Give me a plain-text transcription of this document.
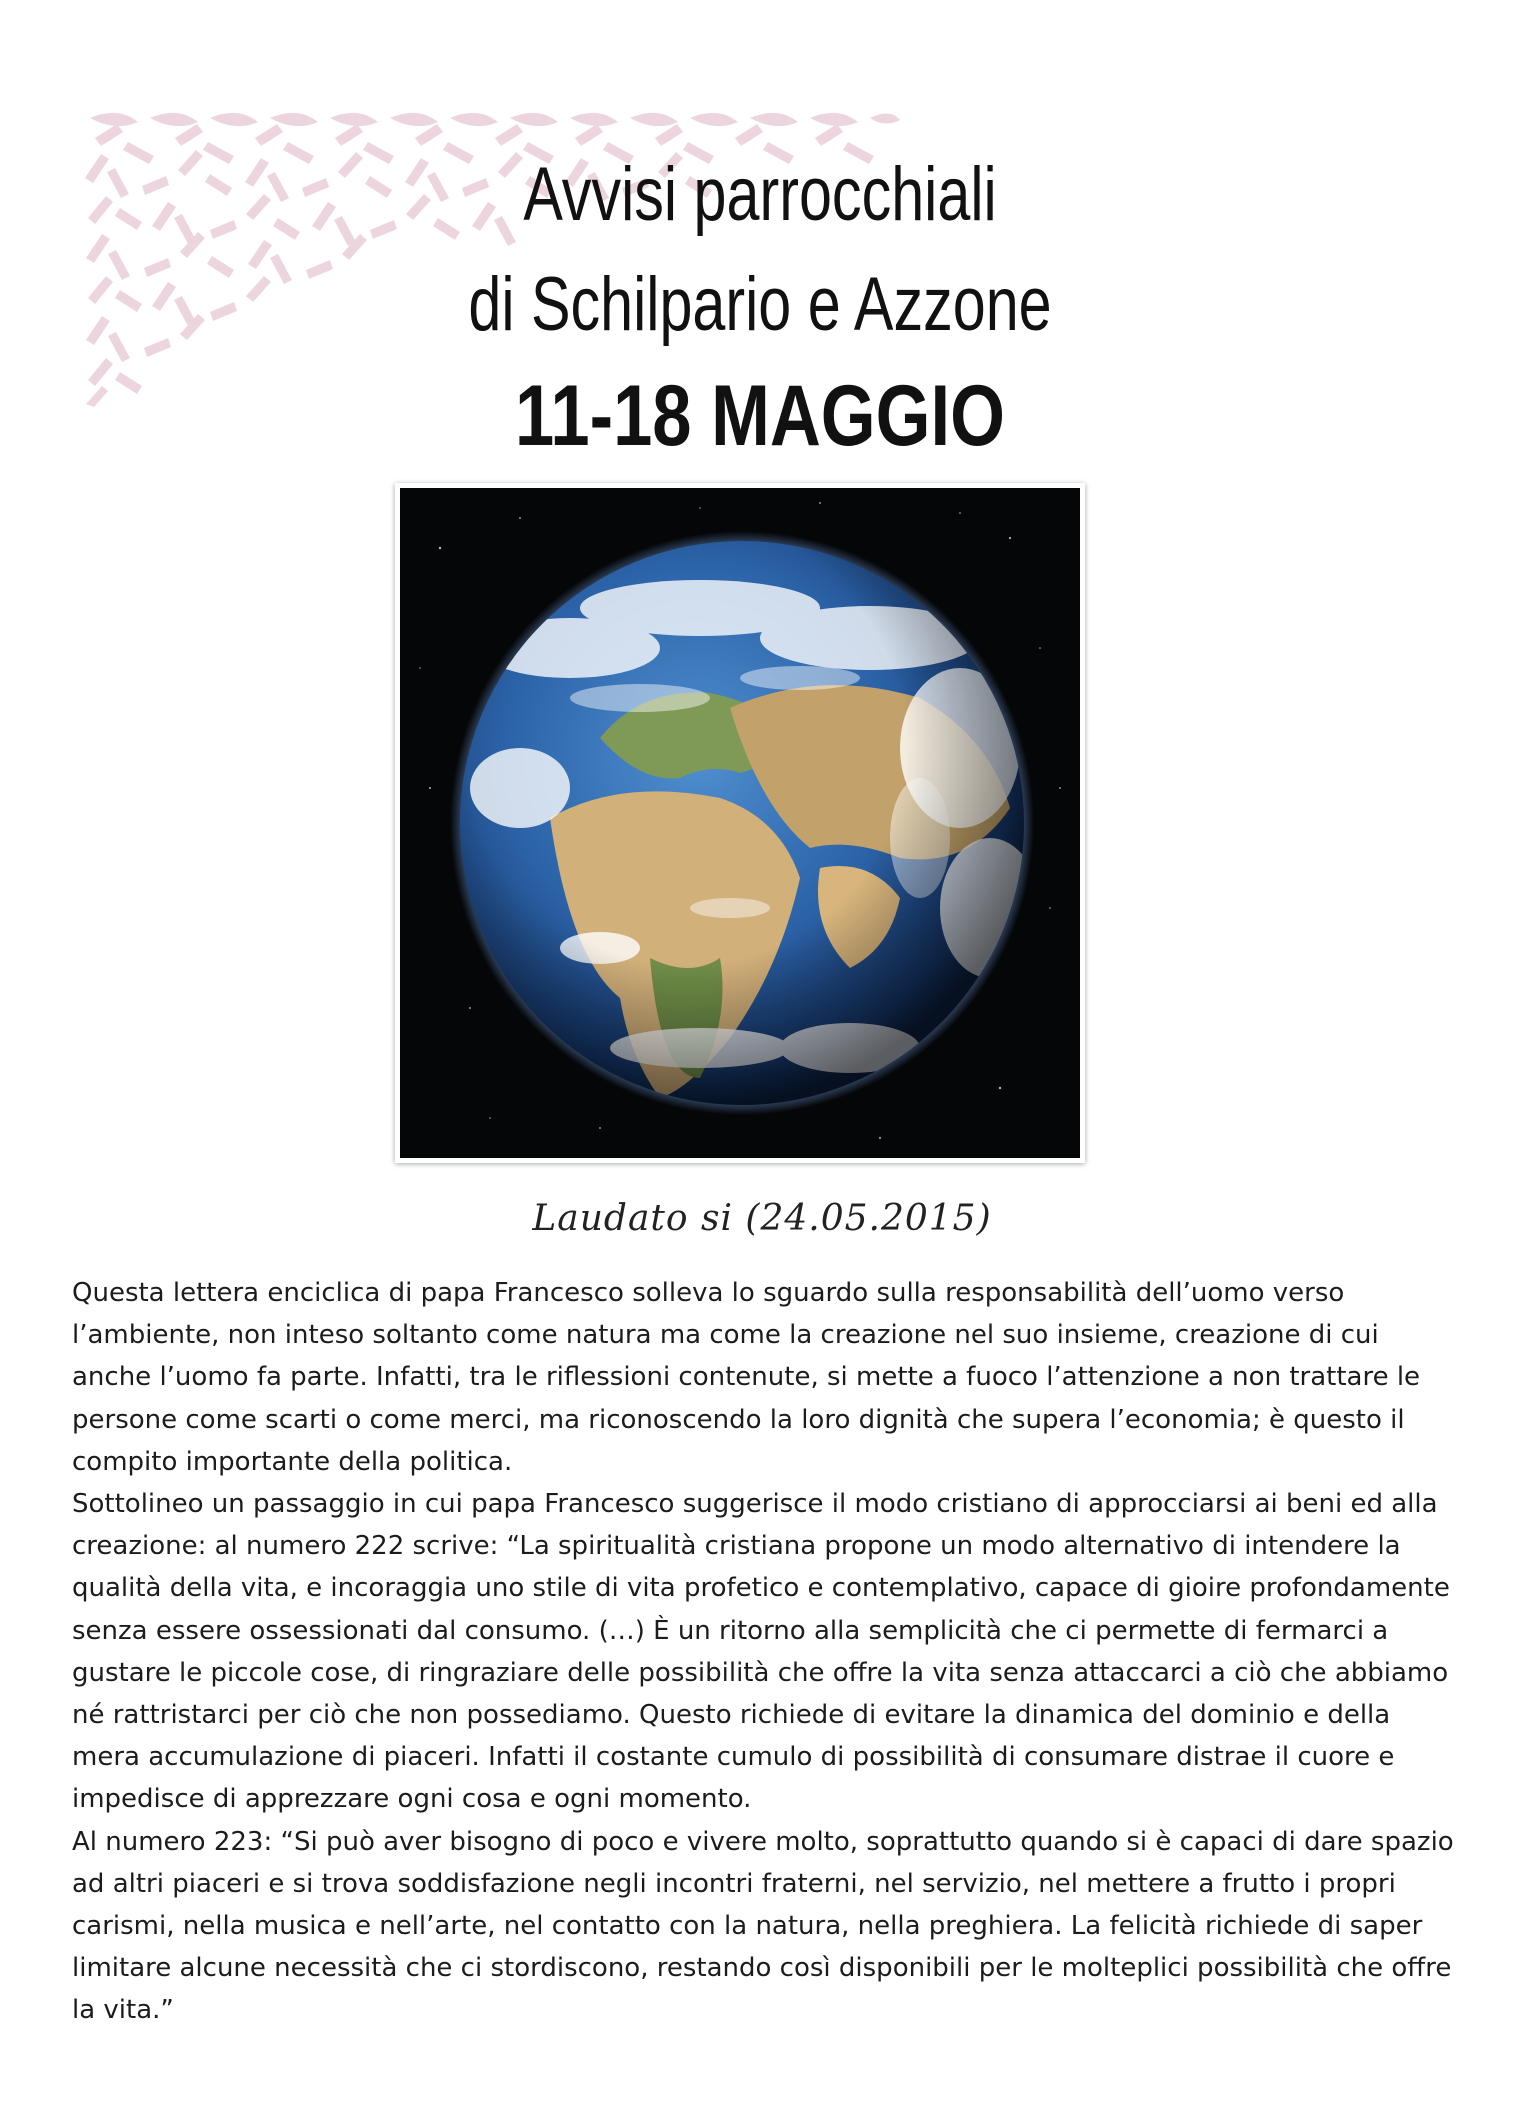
Avvisi parrocchiali
di Schilpario e Azzone
11-18 MAGGIO
Laudato si (24.05.2015)

Questa lettera enciclica di papa Francesco solleva lo sguardo sulla responsabilità dell’uomo verso l’ambiente, non inteso soltanto come natura ma come la creazione nel suo insieme, creazione di cui anche l’uomo fa parte. Infatti, tra le riflessioni contenute, si mette a fuoco l’attenzione a non trattare le persone come scarti o come merci, ma riconoscendo la loro dignità che supera l’economia; è questo il compito importante della politica.

Sottolineo un passaggio in cui papa Francesco suggerisce il modo cristiano di approcciarsi ai beni ed alla creazione: al numero 222 scrive: “La spiritualità cristiana propone un modo alternativo di intendere la qualità della vita, e incoraggia uno stile di vita profetico e contemplativo, capace di gioire profondamente senza essere ossessionati dal consumo. (…) È un ritorno alla semplicità che ci permette di fermarci a gustare le piccole cose, di ringraziare delle possibilità che offre la vita senza attaccarci a ciò che abbiamo né rattristarci per ciò che non possediamo. Questo richiede di evitare la dinamica del dominio e della mera accumulazione di piaceri. Infatti il costante cumulo di possibilità di consumare distrae il cuore e impedisce di apprezzare ogni cosa e ogni momento.

Al numero 223: “Si può aver bisogno di poco e vivere molto, soprattutto quando si è capaci di dare spazio ad altri piaceri e si trova soddisfazione negli incontri fraterni, nel servizio, nel mettere a frutto i propri carismi, nella musica e nell’arte, nel contatto con la natura, nella preghiera. La felicità richiede di saper limitare alcune necessità che ci stordiscono, restando così disponibili per le molteplici possibilità che offre la vita.”
